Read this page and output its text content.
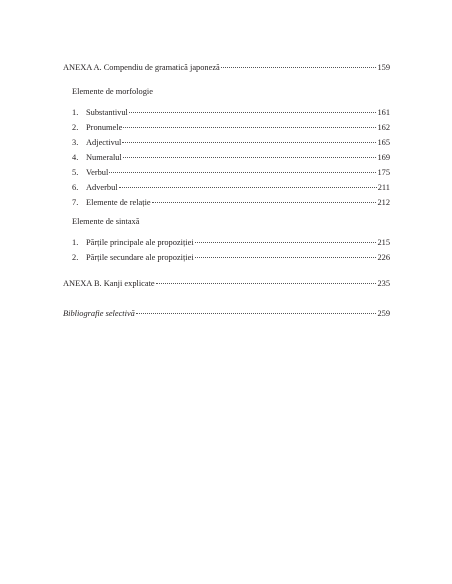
ANEXA A. Compendiu de gramatică japoneză	159
Elemente de morfologie
1. Substantivul	161
2. Pronumele	162
3. Adjectivul	165
4. Numeralul	169
5. Verbul	175
6. Adverbul	211
7. Elemente de relație	212
Elemente de sintaxă
1. Părțile principale ale propoziției	215
2. Părțile secundare ale propoziției	226
ANEXA B. Kanji explicate	235
Bibliografie selectivă	259
